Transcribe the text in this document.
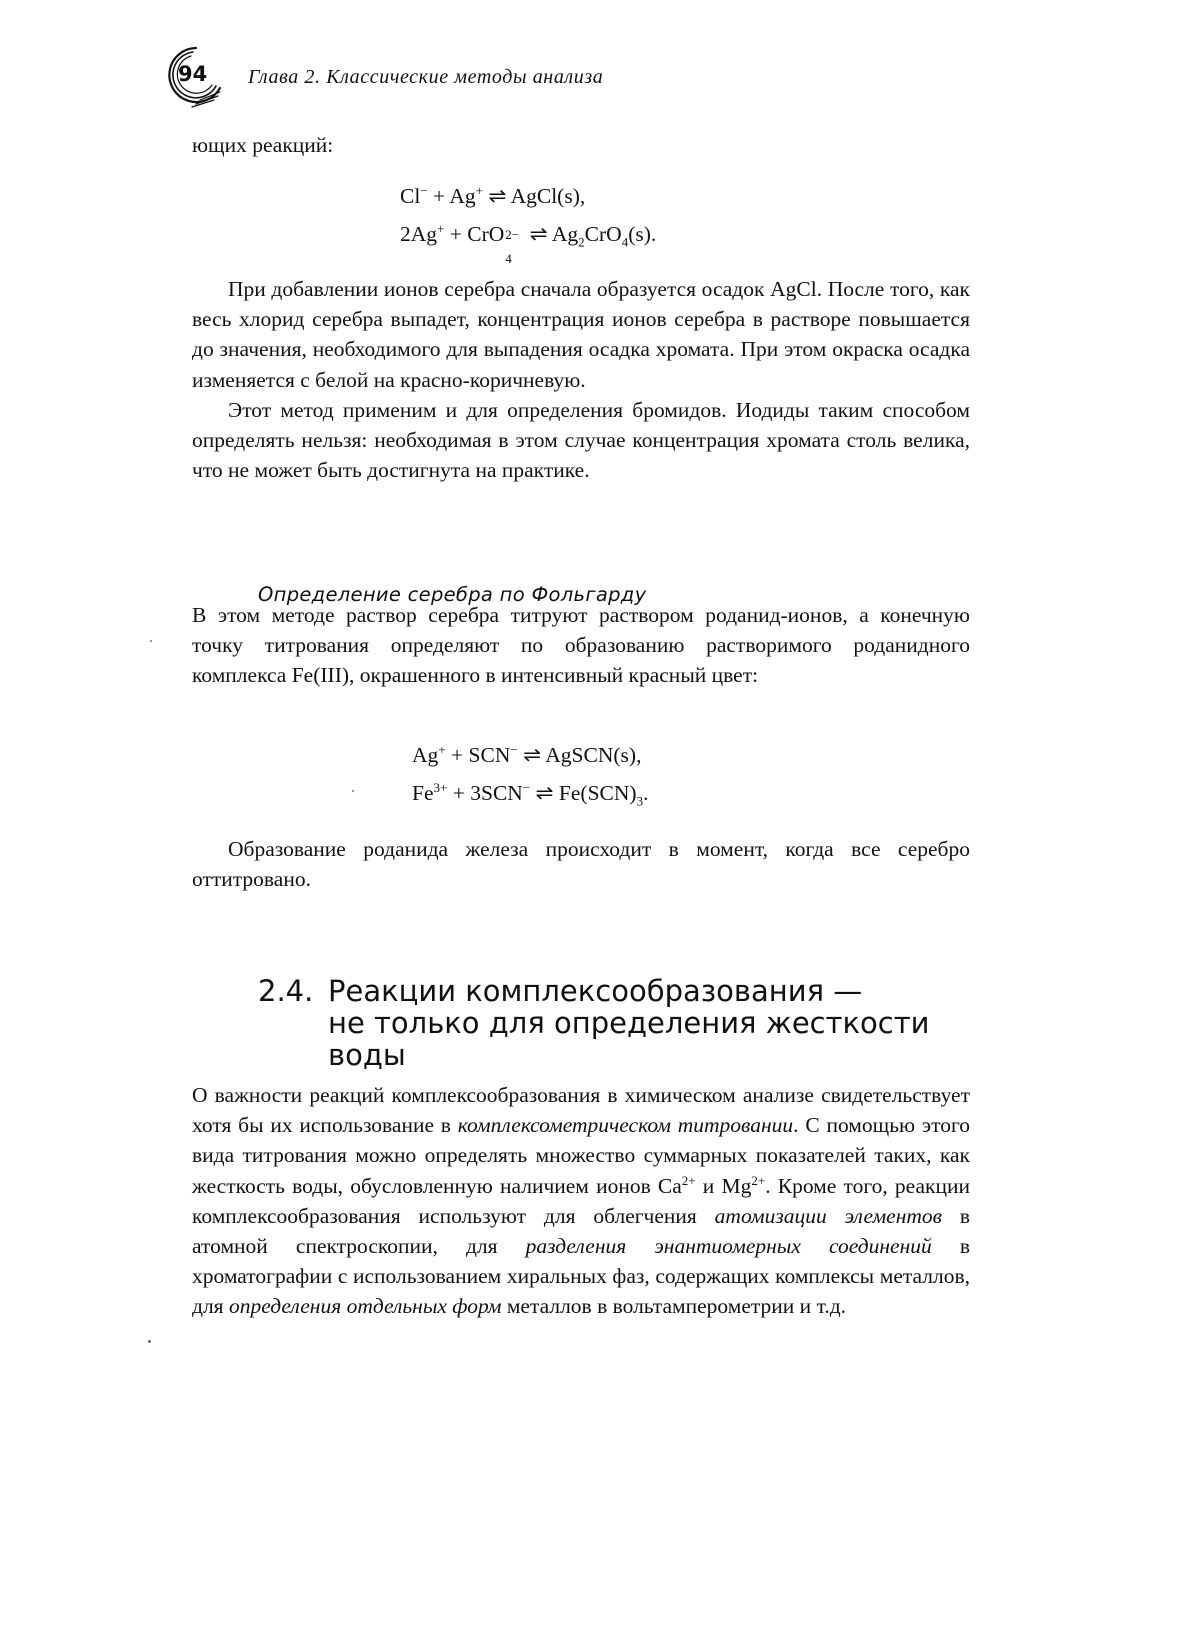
94 Глава 2. Классические методы анализа

ющих реакций:

Cl− + Ag+ ⇌ AgCl(s),
2Ag+ + CrO 2−
4
⇌ $Ag_2CrO_4(s)$.

При добавлении ионов серебра сначала образуется осадок AgCl. После того, как весь хлорид серебра выпадет, концентрация ионов серебра в растворе повышается до значения, необходимого для выпадения осадка хромата. При этом окраска осадка изменяется с белой на красно-коричневую.

Этот метод применим и для определения бромидов. Иодиды таким способом определять нельзя: необходимая в этом случае концентрация хромата столь велика, что не может быть достигнута на практике.

Определение серебра по Фольгарду

В этом методе раствор серебра титруют раствором роданид-ионов, а конечную точку титрования определяют по образованию растворимого роданидного комплекса Fe(III), окрашенного в интенсивный красный цвет:

Ag+ + SCN− ⇌ AgSCN(s),
$Fe^{3+} + 3SCN^-$ ⇌ $Fe(SCN)_3$.

Образование роданида железа происходит в момент, когда все серебро оттитровано.

2.4. Реакции комплексообразования —
не только для определения жесткости
воды

О важности реакций комплексообразования в химическом анализе свидетельствует хотя бы их использование в комплексометрическом титровании. С помощью этого вида титрования можно определять множество суммарных показателей таких, как жесткость воды, обусловленную наличием ионов $Ca^{2+}$ и $Mg^{2+}$. Кроме того, реакции комплексообразования используют для облегчения атомизации элементов в атомной спектроскопии, для разделения энантиомерных соединений в хроматографии с использованием хиральных фаз, содержащих комплексы металлов, для определения отдельных форм металлов в вольтамперометрии и т.д.
